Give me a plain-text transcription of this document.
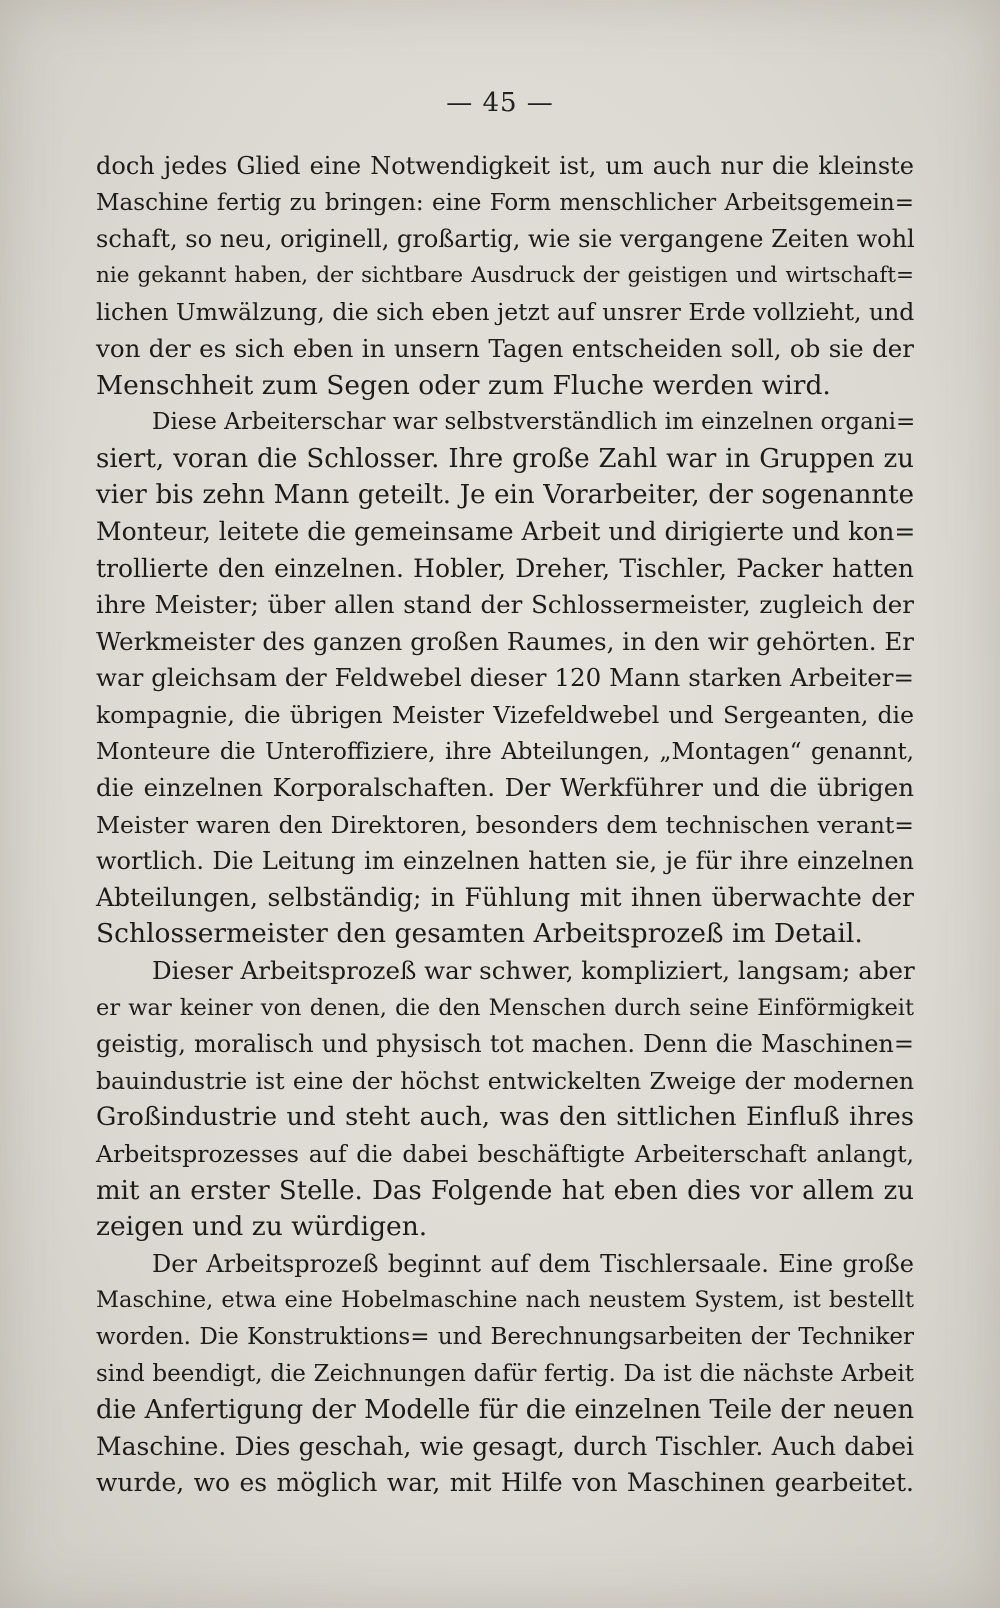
— 45 —
doch jedes Glied eine Notwendigkeit ist, um auch nur die kleinste
Maschine fertig zu bringen: eine Form menschlicher Arbeitsgemein=
schaft, so neu, originell, großartig, wie sie vergangene Zeiten wohl
nie gekannt haben, der sichtbare Ausdruck der geistigen und wirtschaft=
lichen Umwälzung, die sich eben jetzt auf unsrer Erde vollzieht, und
von der es sich eben in unsern Tagen entscheiden soll, ob sie der
Menschheit zum Segen oder zum Fluche werden wird.
Diese Arbeiterschar war selbstverständlich im einzelnen organi=
siert, voran die Schlosser. Ihre große Zahl war in Gruppen zu
vier bis zehn Mann geteilt. Je ein Vorarbeiter, der sogenannte
Monteur, leitete die gemeinsame Arbeit und dirigierte und kon=
trollierte den einzelnen. Hobler, Dreher, Tischler, Packer hatten
ihre Meister; über allen stand der Schlossermeister, zugleich der
Werkmeister des ganzen großen Raumes, in den wir gehörten. Er
war gleichsam der Feldwebel dieser 120 Mann starken Arbeiter=
kompagnie, die übrigen Meister Vizefeldwebel und Sergeanten, die
Monteure die Unteroffiziere, ihre Abteilungen, „Montagen“ genannt,
die einzelnen Korporalschaften. Der Werkführer und die übrigen
Meister waren den Direktoren, besonders dem technischen verant=
wortlich. Die Leitung im einzelnen hatten sie, je für ihre einzelnen
Abteilungen, selbständig; in Fühlung mit ihnen überwachte der
Schlossermeister den gesamten Arbeitsprozeß im Detail.
Dieser Arbeitsprozeß war schwer, kompliziert, langsam; aber
er war keiner von denen, die den Menschen durch seine Einförmigkeit
geistig, moralisch und physisch tot machen. Denn die Maschinen=
bauindustrie ist eine der höchst entwickelten Zweige der modernen
Großindustrie und steht auch, was den sittlichen Einfluß ihres
Arbeitsprozesses auf die dabei beschäftigte Arbeiterschaft anlangt,
mit an erster Stelle. Das Folgende hat eben dies vor allem zu
zeigen und zu würdigen.
Der Arbeitsprozeß beginnt auf dem Tischlersaale. Eine große
Maschine, etwa eine Hobelmaschine nach neustem System, ist bestellt
worden. Die Konstruktions= und Berechnungsarbeiten der Techniker
sind beendigt, die Zeichnungen dafür fertig. Da ist die nächste Arbeit
die Anfertigung der Modelle für die einzelnen Teile der neuen
Maschine. Dies geschah, wie gesagt, durch Tischler. Auch dabei
wurde, wo es möglich war, mit Hilfe von Maschinen gearbeitet.
